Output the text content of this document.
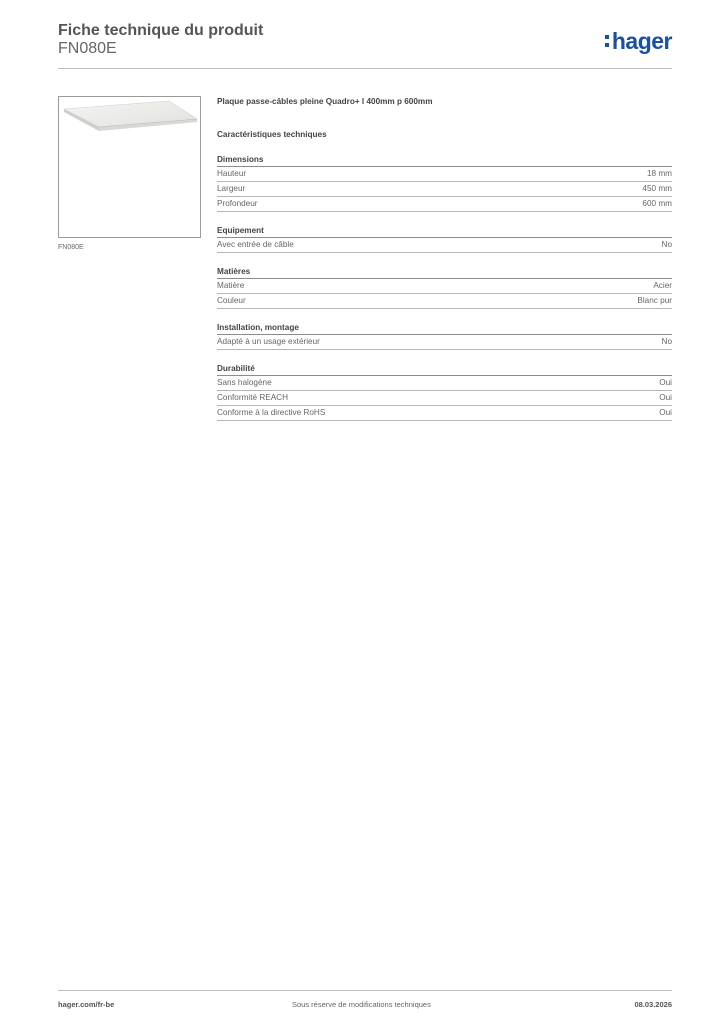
Fiche technique du produit
FN080E	hager
FN080E
Plaque passe-câbles pleine Quadro+ l 400mm p 600mm
Caractéristiques techniques
Dimensions
Hauteur	18 mm
Largeur	450 mm
Profondeur	600 mm
Equipement
Avec entrée de câble	No
Matières
Matière	Acier
Couleur	Blanc pur
Installation, montage
Adapté à un usage extérieur	No
Durabilité
Sans halogène	Oui
Conformité REACH	Oui
Conforme à la directive RoHS	Oui
hager.com/fr-be	Sous réserve de modifications techniques	08.03.2026
